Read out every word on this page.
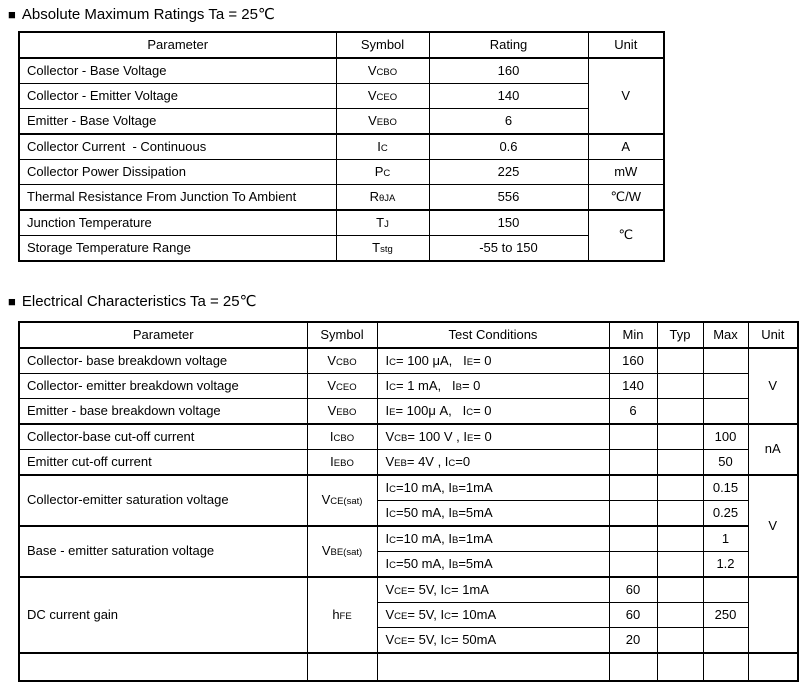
■ Absolute Maximum Ratings Ta = 25℃
Parameter	Symbol	Rating	Unit
Collector - Base Voltage	VCBO	160	V
Collector - Emitter Voltage	VCEO	140	
Emitter - Base Voltage	VEBO	6	
Collector Current  - Continuous	IC	0.6	A
Collector Power Dissipation	PC	225	mW
Thermal Resistance From Junction To Ambient	RθJA	556	℃/W
Junction Temperature	TJ	150	℃
Storage Temperature Range	Tstg	-55 to 150	
■ Electrical Characteristics Ta = 25℃
Parameter	Symbol	Test Conditions	Min	Typ	Max	Unit
Collector- base breakdown voltage	VCBO	IC= 100 μA,   IE= 0	160			V
Collector- emitter breakdown voltage	VCEO	IC= 1 mA,   IB= 0	140			
Emitter - base breakdown voltage	VEBO	IE= 100μ A,   IC= 0	6			
Collector-base cut-off current	ICBO	VCB= 100 V , IE= 0			100	nA
Emitter cut-off current	IEBO	VEB= 4V , IC=0			50	
Collector-emitter saturation voltage	VCE(sat)	IC=10 mA, IB=1mA			0.15	V
		IC=50 mA, IB=5mA			0.25	
Base - emitter saturation voltage	VBE(sat)	IC=10 mA, IB=1mA			1	
		IC=50 mA, IB=5mA			1.2	
DC current gain	hFE	VCE= 5V, IC= 1mA	60			
		VCE= 5V, IC= 10mA	60		250	
		VCE= 5V, IC= 50mA	20			
